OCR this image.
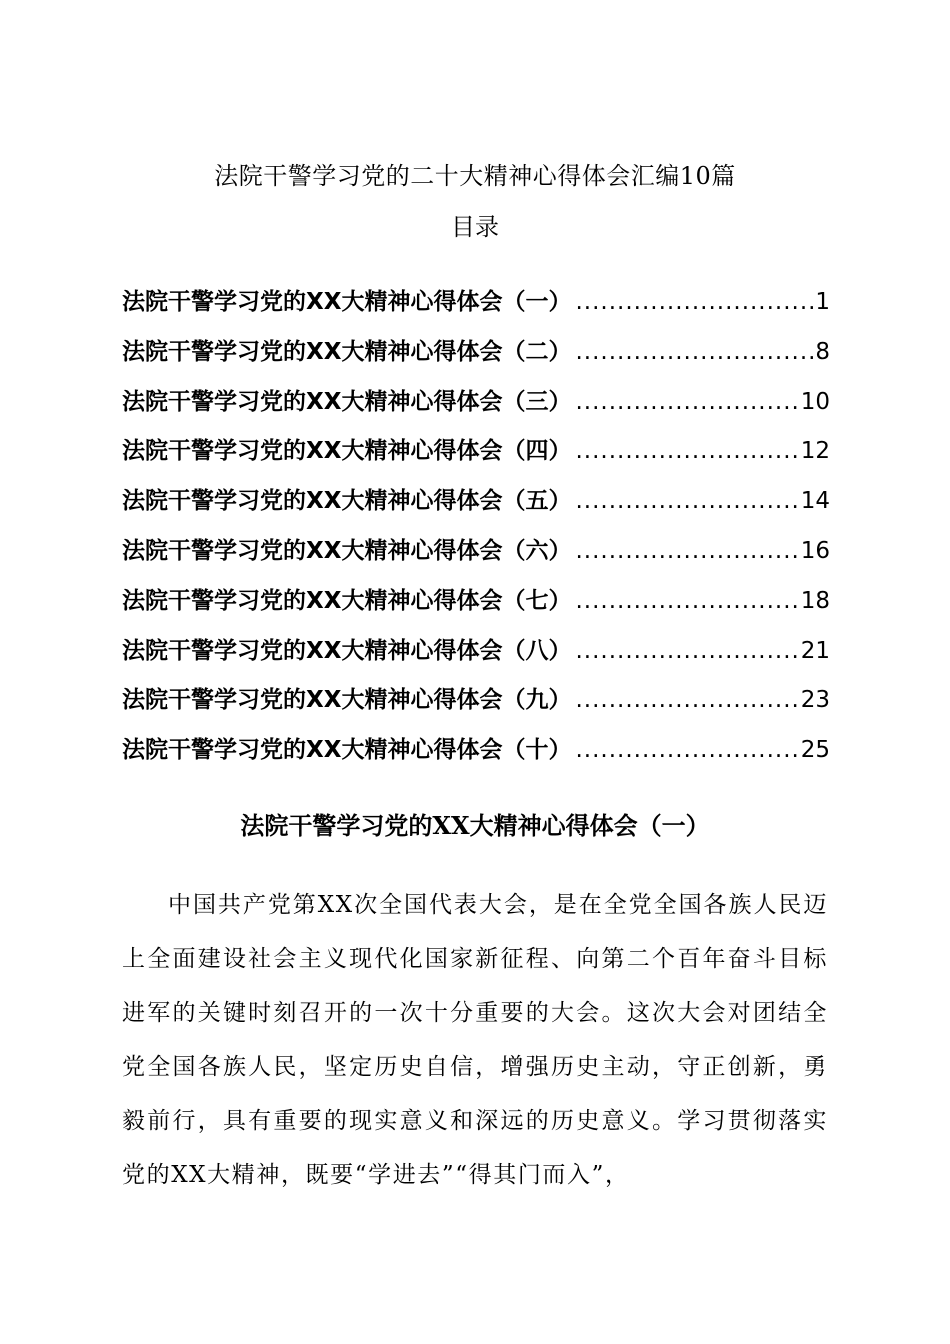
法院干警学习党的二十大精神心得体会汇编10篇
目录
法院干警学习党的XX大精神心得体会（一） .....	1
法院干警学习党的XX大精神心得体会（二） .....	8
法院干警学习党的XX大精神心得体会（三） .....	10
法院干警学习党的XX大精神心得体会（四） .....	12
法院干警学习党的XX大精神心得体会（五） .....	14
法院干警学习党的XX大精神心得体会（六） .....	16
法院干警学习党的XX大精神心得体会（七） .....	18
法院干警学习党的XX大精神心得体会（八） .....	21
法院干警学习党的XX大精神心得体会（九） .....	23
法院干警学习党的XX大精神心得体会（十） .....	25
法院干警学习党的XX大精神心得体会（一）

中国共产党第XX次全国代表大会，是在全党全国各族人民迈上全面建设社会主义现代化国家新征程、向第二个百年奋斗目标进军的关键时刻召开的一次十分重要的大会。这次大会对团结全党全国各族人民，坚定历史自信，增强历史主动，守正创新，勇毅前行，具有重要的现实意义和深远的历史意义。学习贯彻落实党的XX大精神，既要“学进去”“得其门而入”，
